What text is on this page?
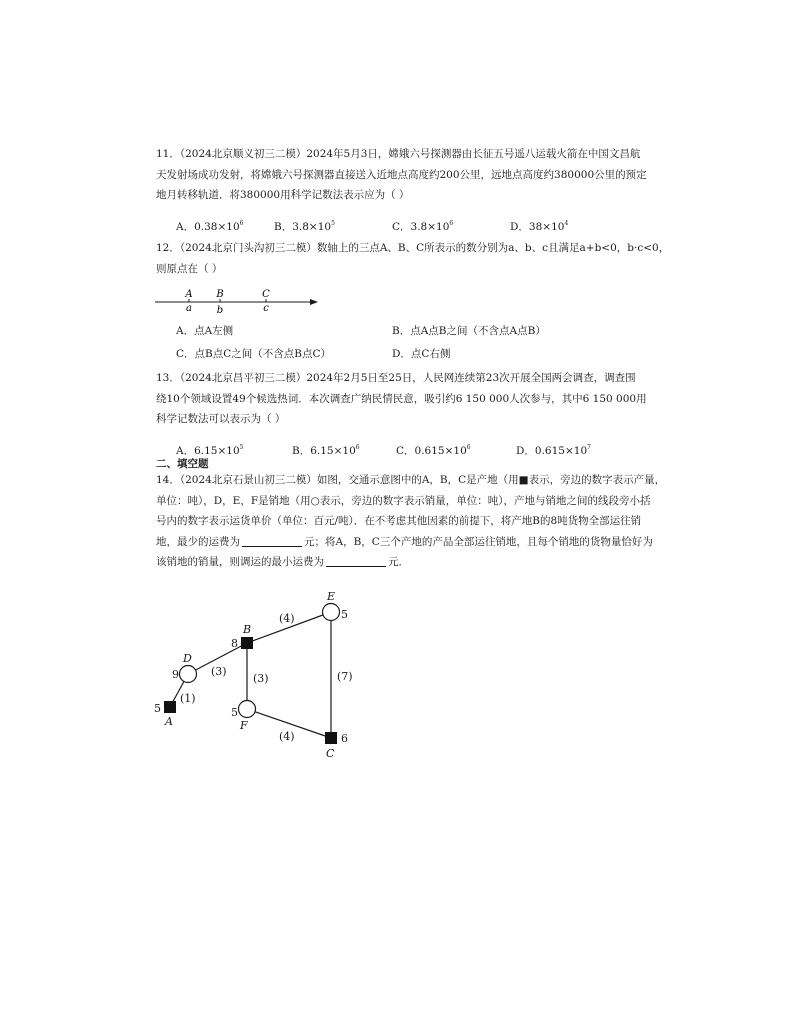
11．（2024北京顺义初三二模）2024年5月3日，嫦娥六号探测器由长征五号遥八运载火箭在中国文昌航
天发射场成功发射，将嫦娥六号探测器直接送入近地点高度约200公里，远地点高度约380000公里的预定
地月转移轨道．将380000用科学记数法表示应为（ ）
A．$0.38\times 10^6$	B．$3.8\times 10^5$	C．$3.8\times 10^6$	D．$38\times 10^4$
12．（2024北京门头沟初三二模）数轴上的三点A、B、C所表示的数分别为a、b、c且满足a+b<0，b·c<0，
则原点在（ ）
A
a
B
b
C
c
A．点A左侧	B．点A点B之间（不含点A点B）
C．点B点C之间（不含点B点C）	D．点C右侧
13．（2024北京昌平初三二模）2024年2月5日至25日，人民网连续第23次开展全国两会调查，调查围
绕10个领域设置49个候选热词．本次调查广纳民情民意，吸引约6 150 000人次参与，其中6 150 000用
科学记数法可以表示为（ ）
A．$6.15\times 10^5$	B．$6.15\times 10^6$	C．$0.615\times 10^6$	D．$0.615\times 10^7$
二、填空题
14．（2024北京石景山初三二模）如图，交通示意图中的A，B，C是产地（用■表示，旁边的数字表示产量，
单位：吨），D，E，F是销地（用○表示，旁边的数字表示销量，单位：吨），产地与销地之间的线段旁小括
号内的数字表示运货单价（单位：百元/吨）．在不考虑其他因素的前提下，将产地B的8吨货物全部运往销
地，最少的运费为	元；将A，B，C三个产地的产品全部运往销地，且每个销地的货物量恰好为
该销地的销量，则调运的最小运费为	元．
A
B
C
D
E
F
5
8
6
9
5
5
(1)
(3)
(4)
(3)	(7)
(4)
